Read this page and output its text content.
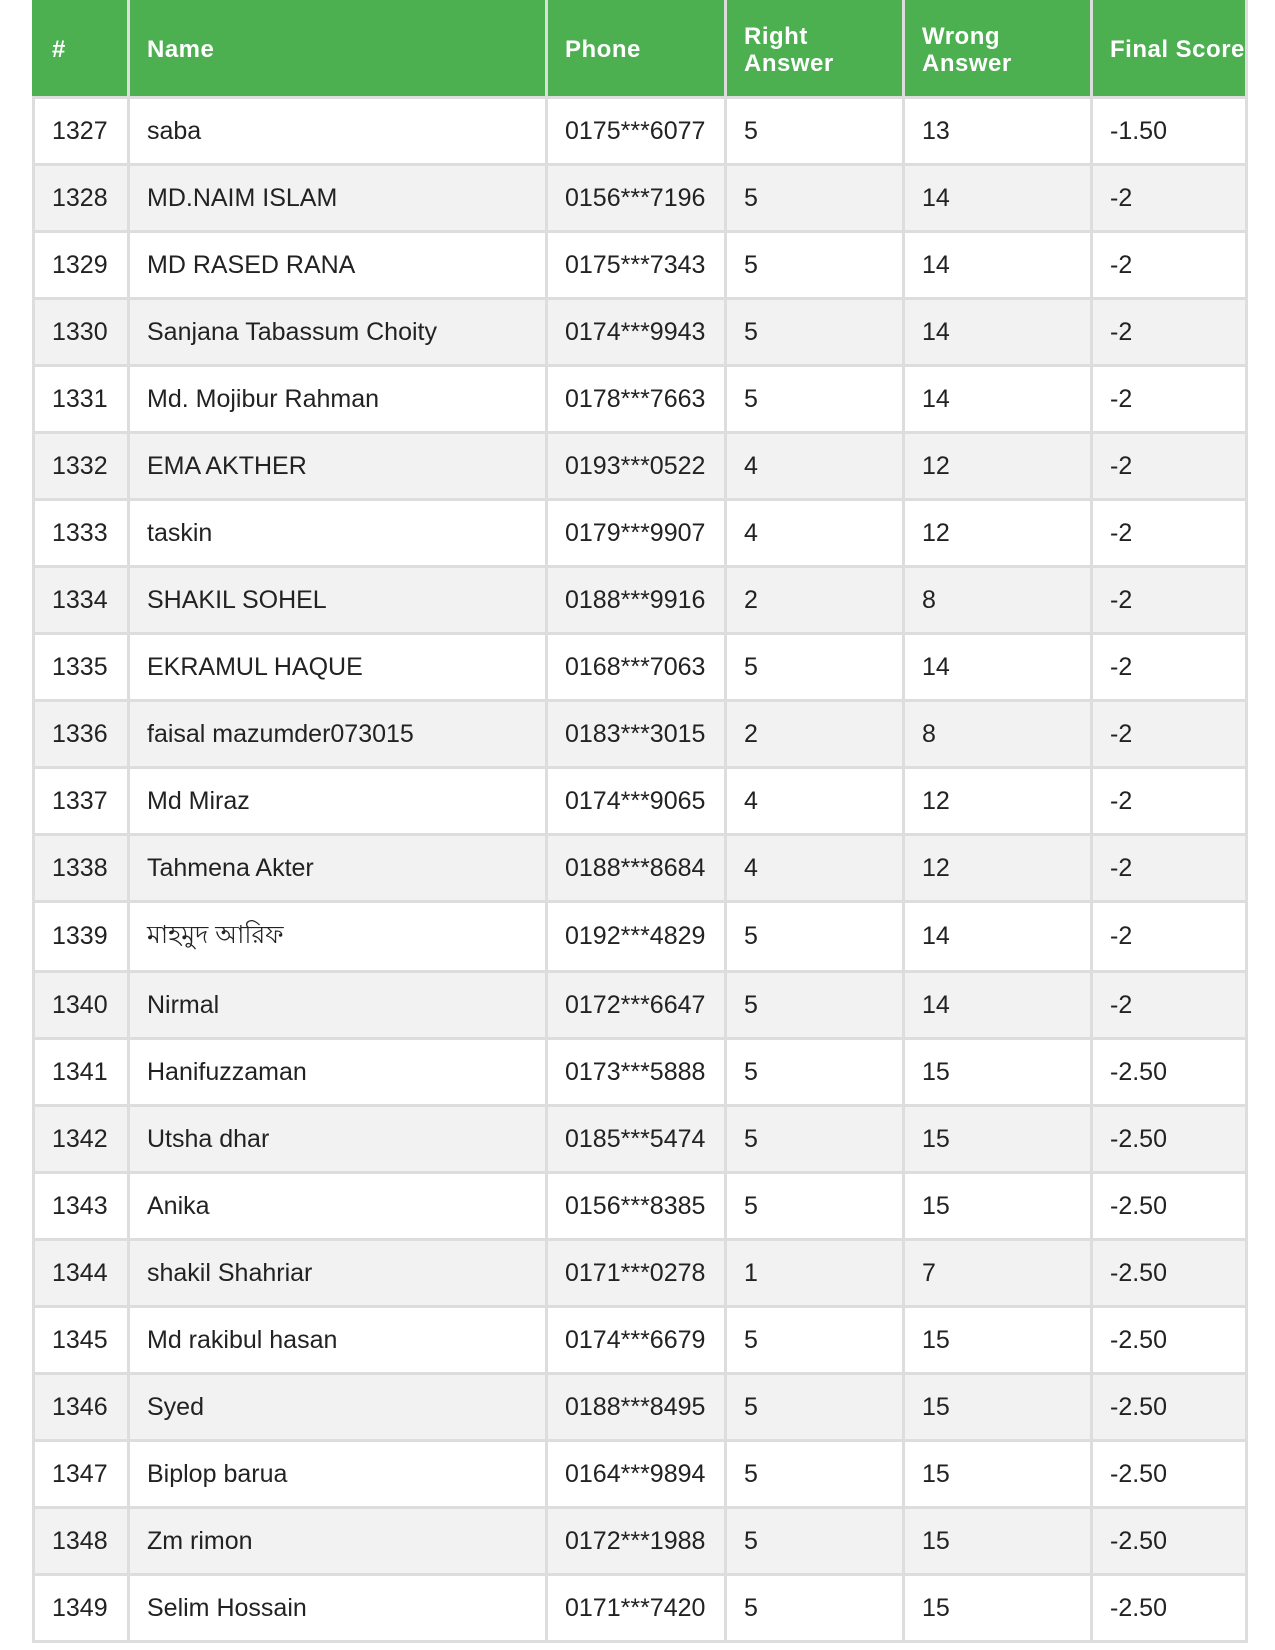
#	Name	Phone	Right Answer	Wrong Answer	Final Score
1327	saba	0175***6077	5	13	-1.50
1328	MD.NAIM ISLAM	0156***7196	5	14	-2
1329	MD RASED RANA	0175***7343	5	14	-2
1330	Sanjana Tabassum Choity	0174***9943	5	14	-2
1331	Md. Mojibur Rahman	0178***7663	5	14	-2
1332	EMA AKTHER	0193***0522	4	12	-2
1333	taskin	0179***9907	4	12	-2
1334	SHAKIL SOHEL	0188***9916	2	8	-2
1335	EKRAMUL HAQUE	0168***7063	5	14	-2
1336	faisal mazumder073015	0183***3015	2	8	-2
1337	Md Miraz	0174***9065	4	12	-2
1338	Tahmena Akter	0188***8684	4	12	-2
1339	মাহমুদ আরিফ	0192***4829	5	14	-2
1340	Nirmal	0172***6647	5	14	-2
1341	Hanifuzzaman	0173***5888	5	15	-2.50
1342	Utsha dhar	0185***5474	5	15	-2.50
1343	Anika	0156***8385	5	15	-2.50
1344	shakil Shahriar	0171***0278	1	7	-2.50
1345	Md rakibul hasan	0174***6679	5	15	-2.50
1346	Syed	0188***8495	5	15	-2.50
1347	Biplop barua	0164***9894	5	15	-2.50
1348	Zm rimon	0172***1988	5	15	-2.50
1349	Selim Hossain	0171***7420	5	15	-2.50
